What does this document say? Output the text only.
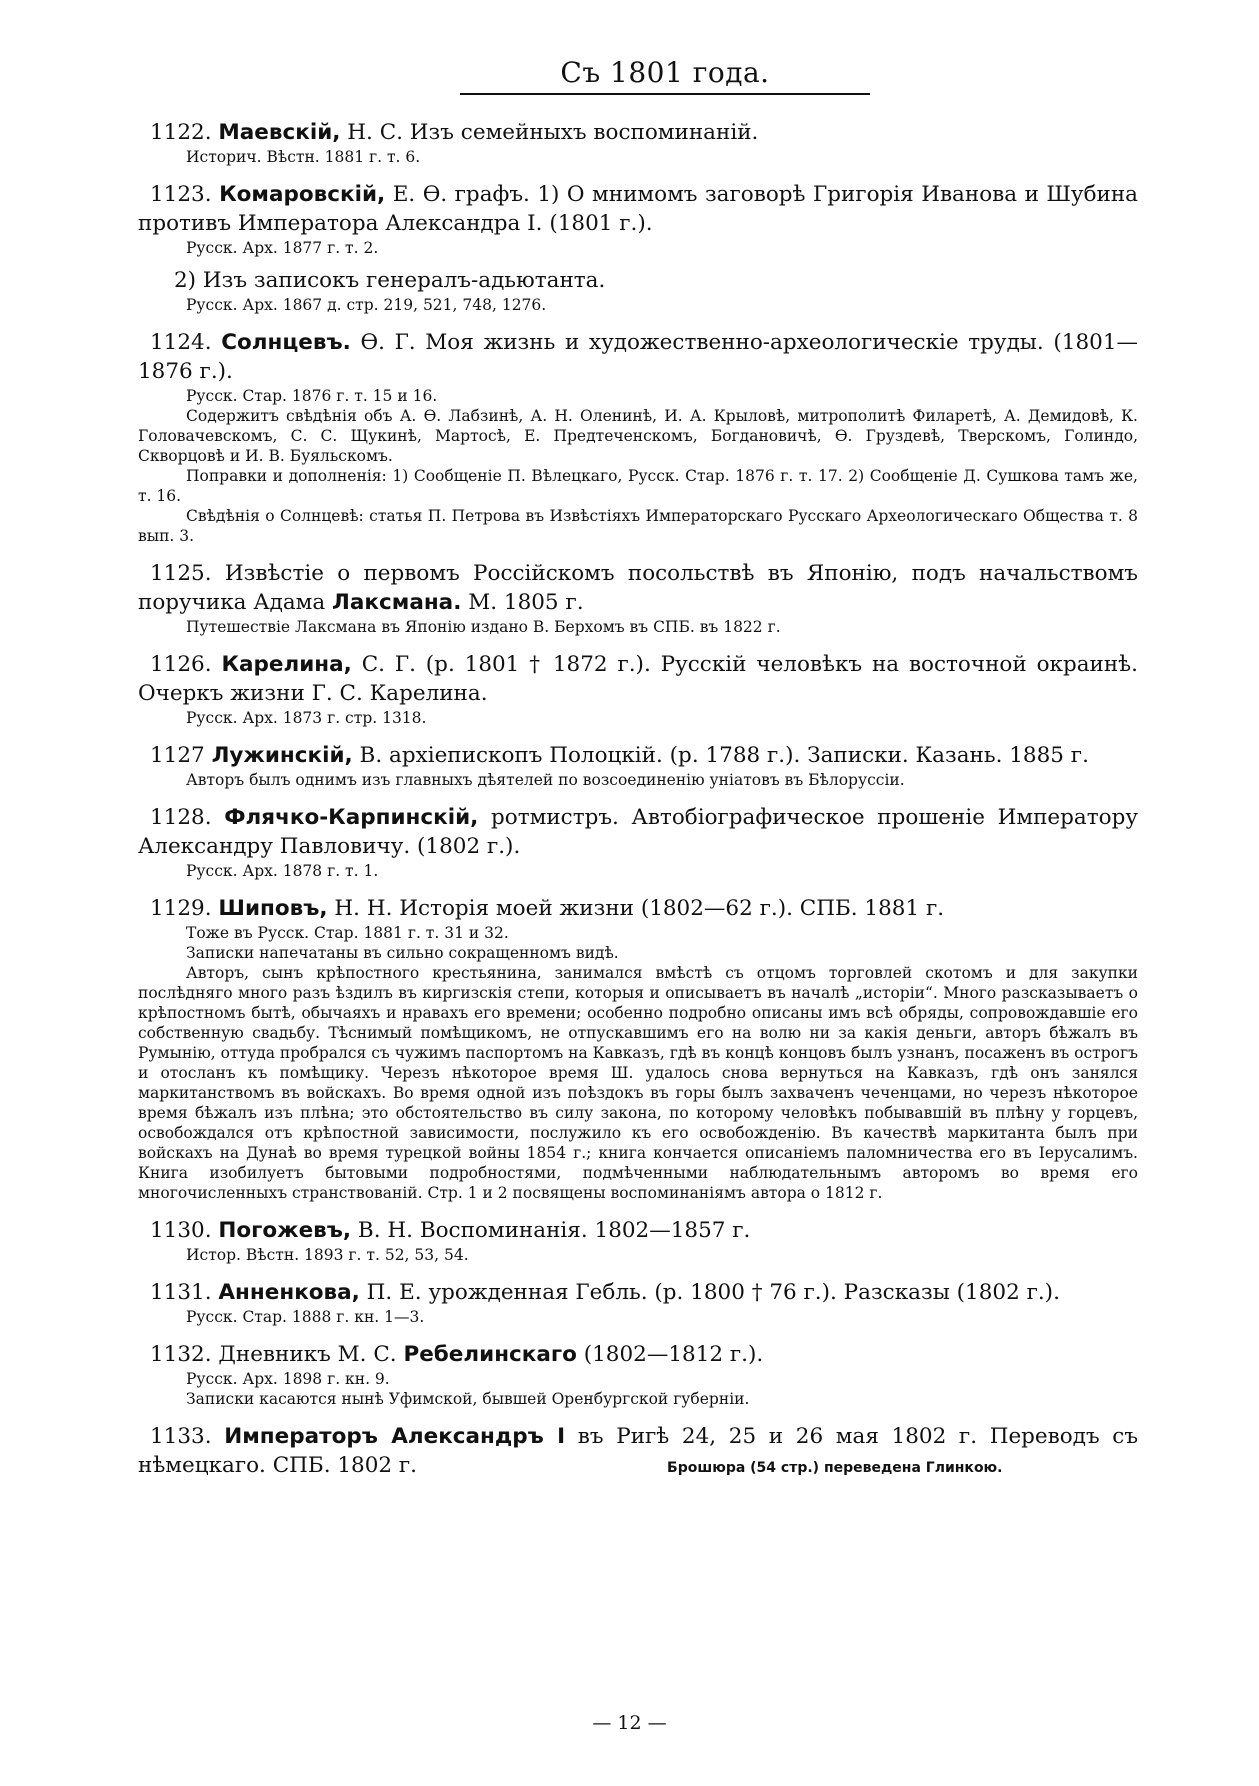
Съ 1801 года.
1122. Маевскій, Н. С. Изъ семейныхъ воспоминаній.
Историч. Вѣстн. 1881 г. т. 6.
1123. Комаровскій, Е. Ѳ. графъ. 1) О мнимомъ заговорѣ Григорія Иванова и Шубина противъ Императора Александра I. (1801 г.).
Русск. Арх. 1877 г. т. 2.
2) Изъ записокъ генералъ-адьютанта.
Русск. Арх. 1867 д. стр. 219, 521, 748, 1276.
1124. Солнцевъ. Ѳ. Г. Моя жизнь и художественно-археологическіе труды. (1801—1876 г.).
Русск. Стар. 1876 г. т. 15 и 16.
Содержитъ свѣдѣнія объ А. Ѳ. Лабзинѣ, А. Н. Оленинѣ, И. А. Крыловѣ, митрополитѣ Филаретѣ, А. Демидовѣ, К. Головачевскомъ, С. С. Щукинѣ, Мартосѣ, Е. Предтеченскомъ, Богдановичѣ, Ѳ. Груздевѣ, Тверскомъ, Голиндо, Скворцовѣ и И. В. Буяльскомъ.
Поправки и дополненія: 1) Сообщеніе П. Вѣлецкаго, Русск. Стар. 1876 г. т. 17. 2) Сообщеніе Д. Сушкова тамъ же, т. 16.
Свѣдѣнія о Солнцевѣ: статья П. Петрова въ Извѣстіяхъ Императорскаго Русскаго Археологическаго Общества т. 8 вып. 3.
1125. Извѣстіе о первомъ Россійскомъ посольствѣ въ Японію, подъ начальствомъ поручика Адама Лаксмана. М. 1805 г.
Путешествіе Лаксмана въ Японію издано В. Берхомъ въ СПБ. въ 1822 г.
1126. Карелина, С. Г. (р. 1801 † 1872 г.). Русскій человѣкъ на восточной окраинѣ. Очеркъ жизни Г. С. Карелина.
Русск. Арх. 1873 г. стр. 1318.
1127 Лужинскій, В. архіепископъ Полоцкій. (р. 1788 г.). Записки. Казань. 1885 г.
Авторъ былъ однимъ изъ главныхъ дѣятелей по возсоединенію уніатовъ въ Бѣлоруссіи.
1128. Флячко-Карпинскій, ротмистръ. Автобіографическое прошеніе Императору Александру Павловичу. (1802 г.).
Русск. Арх. 1878 г. т. 1.
1129. Шиповъ, Н. Н. Исторія моей жизни (1802—62 г.). СПБ. 1881 г.
Тоже въ Русск. Стар. 1881 г. т. 31 и 32.
Записки напечатаны въ сильно сокращенномъ видѣ.
Авторъ, сынъ крѣпостного крестьянина, занимался вмѣстѣ съ отцомъ торговлей скотомъ и для закупки послѣдняго много разъ ѣздилъ въ киргизскія степи, которыя и описываетъ въ началѣ „исторіи“. Много разсказываетъ о крѣпостномъ бытѣ, обычаяхъ и нравахъ его времени; особенно подробно описаны имъ всѣ обряды, сопровождавшіе его собственную свадьбу. Тѣснимый помѣщикомъ, не отпускавшимъ его на волю ни за какія деньги, авторъ бѣжалъ въ Румынію, оттуда пробрался съ чужимъ паспортомъ на Кавказъ, гдѣ въ концѣ концовъ былъ узнанъ, посаженъ въ острогъ и отосланъ къ помѣщику. Черезъ нѣкоторое время Ш. удалось снова вернуться на Кавказъ, гдѣ онъ занялся маркитанствомъ въ войскахъ. Во время одной изъ поѣздокъ въ горы былъ захваченъ чеченцами, но черезъ нѣкоторое время бѣжалъ изъ плѣна; это обстоятельство въ силу закона, по которому человѣкъ побывавшій въ плѣну у горцевъ, освобождался отъ крѣпостной зависимости, послужило къ его освобожденію. Въ качествѣ маркитанта былъ при войскахъ на Дунаѣ во время турецкой войны 1854 г.; книга кончается описаніемъ паломничества его въ Іерусалимъ. Книга изобилуетъ бытовыми подробностями, подмѣченными наблюдательнымъ авторомъ во время его многочисленныхъ странствованій. Стр. 1 и 2 посвящены воспоминаніямъ автора о 1812 г.
1130. Погожевъ, В. Н. Воспоминанія. 1802—1857 г.
Истор. Вѣстн. 1893 г. т. 52, 53, 54.
1131. Анненкова, П. Е. урожденная Гебль. (р. 1800 † 76 г.). Разсказы (1802 г.).
Русск. Стар. 1888 г. кн. 1—3.
1132. Дневникъ М. С. Ребелинскаго (1802—1812 г.).
Русск. Арх. 1898 г. кн. 9.
Записки касаются нынѣ Уфимской, бывшей Оренбургской губерніи.
1133. Императоръ Александръ I въ Ригѣ 24, 25 и 26 мая 1802 г. Переводъ съ нѣмецкаго. СПБ. 1802 г.	Брошюра (54 стр.) переведена Глинкою.
— 12 —
